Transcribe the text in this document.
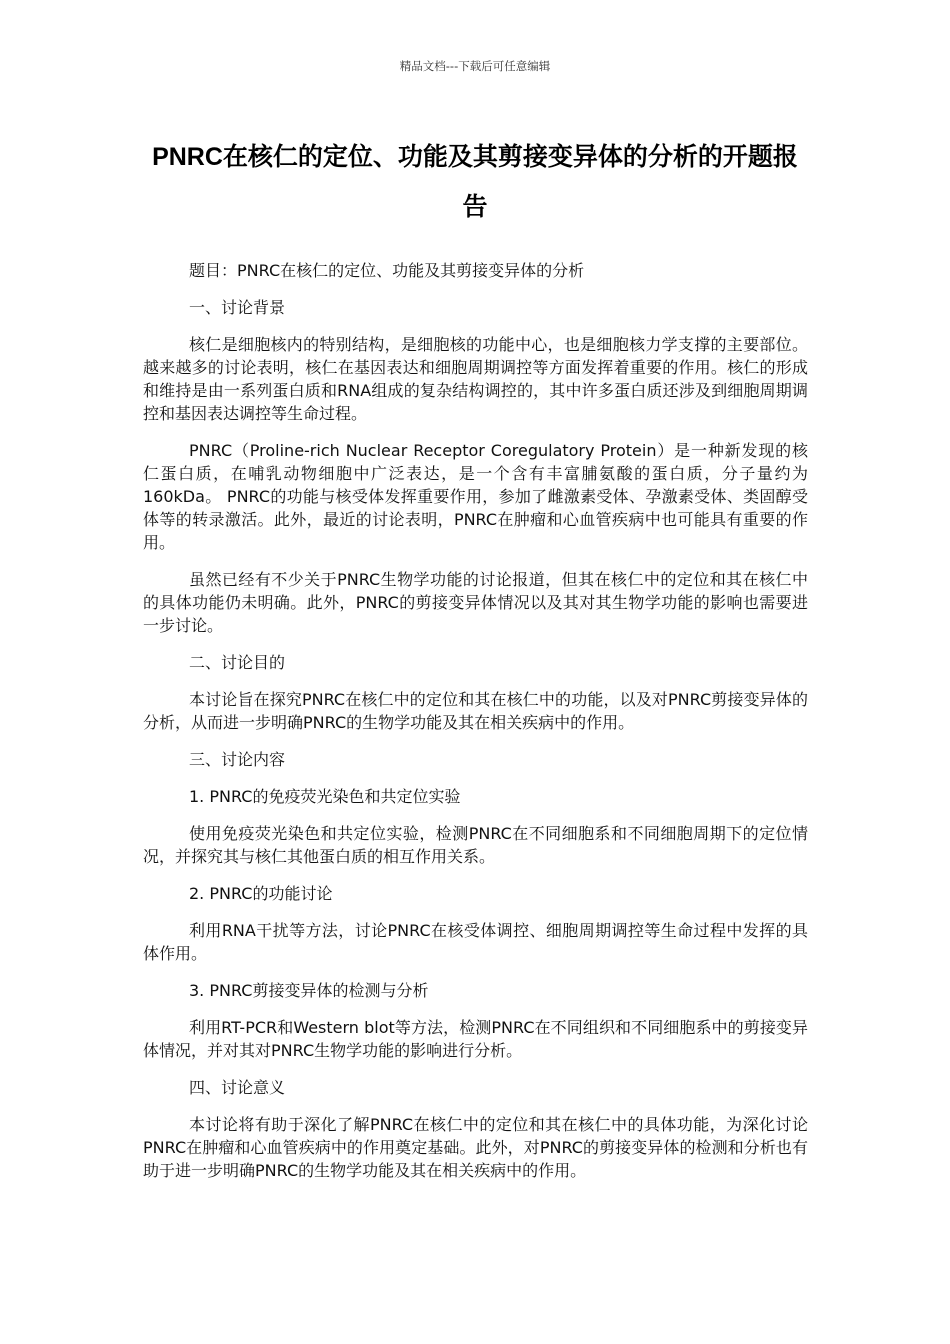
精品文档---下载后可任意编辑
PNRC在核仁的定位、功能及其剪接变异体的分析的开题报告

题目：PNRC在核仁的定位、功能及其剪接变异体的分析

一、讨论背景

核仁是细胞核内的特别结构，是细胞核的功能中心，也是细胞核力学支撑的主要部位。越来越多的讨论表明，核仁在基因表达和细胞周期调控等方面发挥着重要的作用。核仁的形成和维持是由一系列蛋白质和RNA组成的复杂结构调控的，其中许多蛋白质还涉及到细胞周期调控和基因表达调控等生命过程。

PNRC（Proline-rich Nuclear Receptor Coregulatory Protein）是一种新发现的核仁蛋白质，在哺乳动物细胞中广泛表达，是一个含有丰富脯氨酸的蛋白质，分子量约为160kDa。 PNRC的功能与核受体发挥重要作用，参加了雌激素受体、孕激素受体、类固醇受体等的转录激活。此外，最近的讨论表明，PNRC在肿瘤和心血管疾病中也可能具有重要的作用。

虽然已经有不少关于PNRC生物学功能的讨论报道，但其在核仁中的定位和其在核仁中的具体功能仍未明确。此外，PNRC的剪接变异体情况以及其对其生物学功能的影响也需要进一步讨论。

二、讨论目的

本讨论旨在探究PNRC在核仁中的定位和其在核仁中的功能，以及对PNRC剪接变异体的分析，从而进一步明确PNRC的生物学功能及其在相关疾病中的作用。

三、讨论内容

1. PNRC的免疫荧光染色和共定位实验

使用免疫荧光染色和共定位实验，检测PNRC在不同细胞系和不同细胞周期下的定位情况，并探究其与核仁其他蛋白质的相互作用关系。

2. PNRC的功能讨论

利用RNA干扰等方法，讨论PNRC在核受体调控、细胞周期调控等生命过程中发挥的具体作用。

3. PNRC剪接变异体的检测与分析

利用RT-PCR和Western blot等方法，检测PNRC在不同组织和不同细胞系中的剪接变异体情况，并对其对PNRC生物学功能的影响进行分析。

四、讨论意义

本讨论将有助于深化了解PNRC在核仁中的定位和其在核仁中的具体功能，为深化讨论PNRC在肿瘤和心血管疾病中的作用奠定基础。此外，对PNRC的剪接变异体的检测和分析也有助于进一步明确PNRC的生物学功能及其在相关疾病中的作用。
